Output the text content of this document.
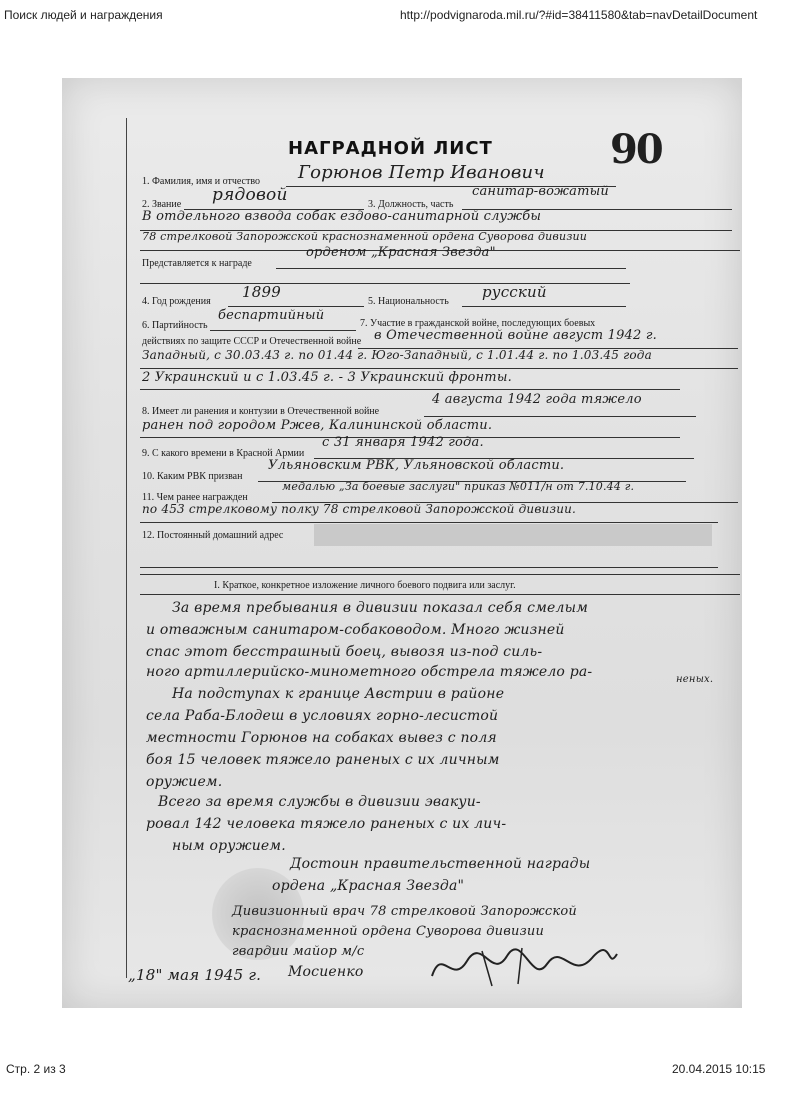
Поиск людей и награждения	http://podvignaroda.mil.ru/?#id=38411580&tab=navDetailDocument
НАГРАДНОЙ ЛИСТ	90
1. Фамилия, имя и отчество Горюнов Петр Иванович
2. Звание рядовой	3. Должность, часть
санитар-вожатый
В отдельного взвода собак ездово-санитарной службы
78 стрелковой Запорожской краснознаменной ордена Суворова дивизии
Представляется к награде
орденом „Красная Звезда"
4. Год рождения
1899
5. Национальность
русский
6. Партийность
беспартийный
7. Участие в гражданской войне, последующих боевых
действиях по защите СССР и Отечественной войне в Отечественной войне август 1942 г.
Западный, с 30.03.43 г. по 01.44 г. Юго-Западный, с 1.01.44 г. по 1.03.45 года
2 Украинский и с 1.03.45 г. - 3 Украинский фронты.
8. Имеет ли ранения и контузии в Отечественной войне
4 августа 1942 года тяжело
ранен под городом Ржев, Калининской области.
9. С какого времени в Красной Армии
с 31 января 1942 года.
10. Каким РВК призван
Ульяновским РВК, Ульяновской области.
11. Чем ранее награжден
медалью „За боевые заслуги" приказ №011/н от 7.10.44 г.
по 453 стрелковому полку 78 стрелковой Запорожской дивизии.
12. Постоянный домашний адрес
I. Краткое, конкретное изложение личного боевого подвига или заслуг.
За время пребывания в дивизии показал себя смелым
и отважным санитаром-собаководом. Много жизней
спас этот бесстрашный боец, вывозя из-под силь-
ного артиллерийско-минометного обстрела тяжело ра-	неных.
На подступах к границе Австрии в районе
села Раба-Блодеш в условиях горно-лесистой
местности Горюнов на собаках вывез с поля
боя 15 человек тяжело раненых с их личным
оружием.
Всего за время службы в дивизии эвакуи-
ровал 142 человека тяжело раненых с их лич-
ным оружием.
Достоин правительственной награды
ордена „Красная Звезда"
Дивизионный врач 78 стрелковой Запорожской
краснознаменной ордена Суворова дивизии
гвардии майор м/с
Мосиенко
„18" мая 1945 г.
Стр. 2 из 3	20.04.2015 10:15
